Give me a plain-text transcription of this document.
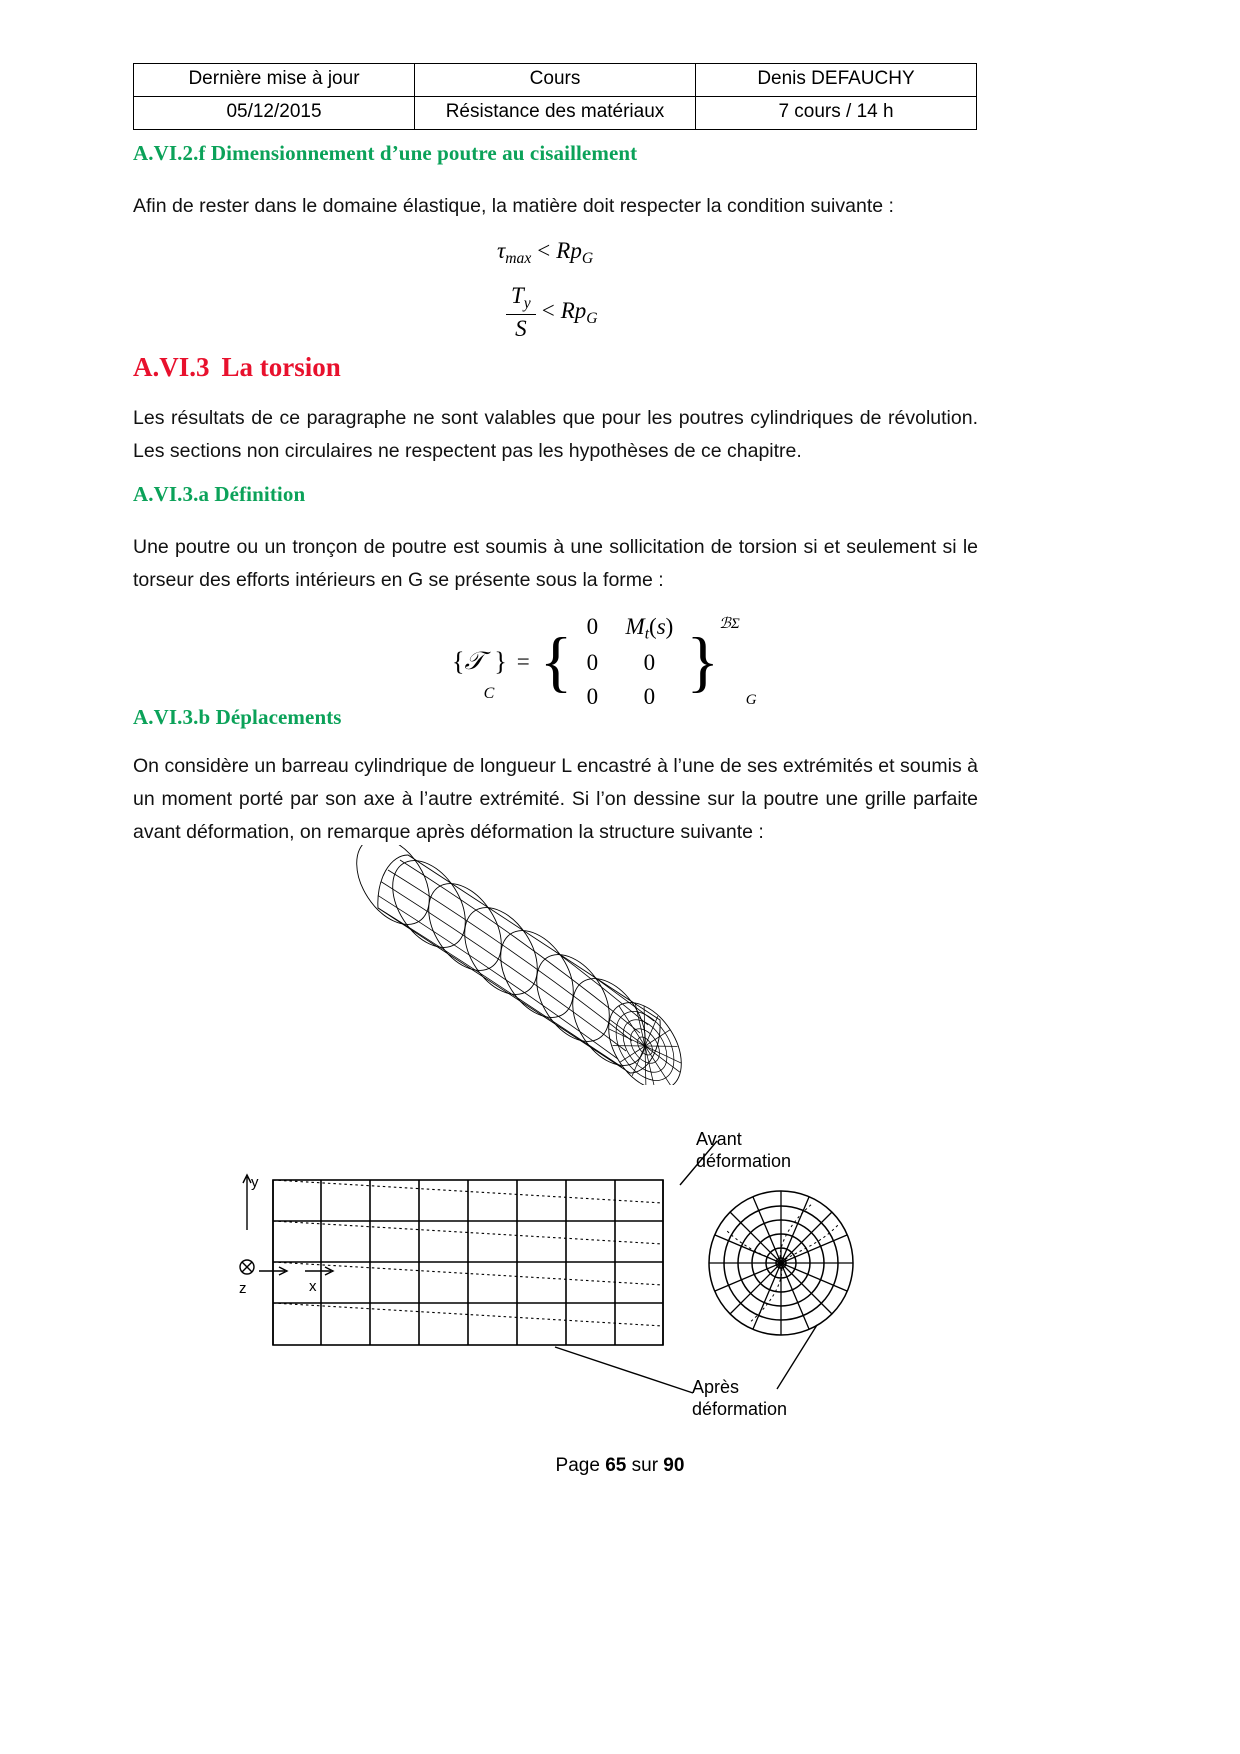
Dernière mise à jour	Cours	Denis DEFAUCHY
05/12/2015	Résistance des matériaux	7 cours / 14 h
A.VI.2.f Dimensionnement d’une poutre au cisaillement
Afin de rester dans le domaine élastique, la matière doit respecter la condition suivante :
$\tau_{max} < Rp_G$
$\frac{T_y}{S} < Rp_G$
A.VI.3 La torsion
Les résultats de ce paragraphe ne sont valables que pour les poutres cylindriques de révolution. Les sections non circulaires ne respectent pas les hypothèses de ce chapitre.
A.VI.3.a Définition
Une poutre ou un tronçon de poutre est soumis à une sollicitation de torsion si et seulement si le torseur des efforts intérieurs en G se présente sous la forme :
{ 𝒯
C
} = { 0	$M_t(s)$
0	0
0	0 } ℬΣ
G
A.VI.3.b Déplacements
On considère un barreau cylindrique de longueur L encastré à l’une de ses extrémités et soumis à un moment porté par son axe à l’autre extrémité. Si l’on dessine sur la poutre une grille parfaite avant déformation, on remarque après déformation la structure suivante :
y
z	x
Avant
déformation
Après
déformation
Page 65 sur 90
